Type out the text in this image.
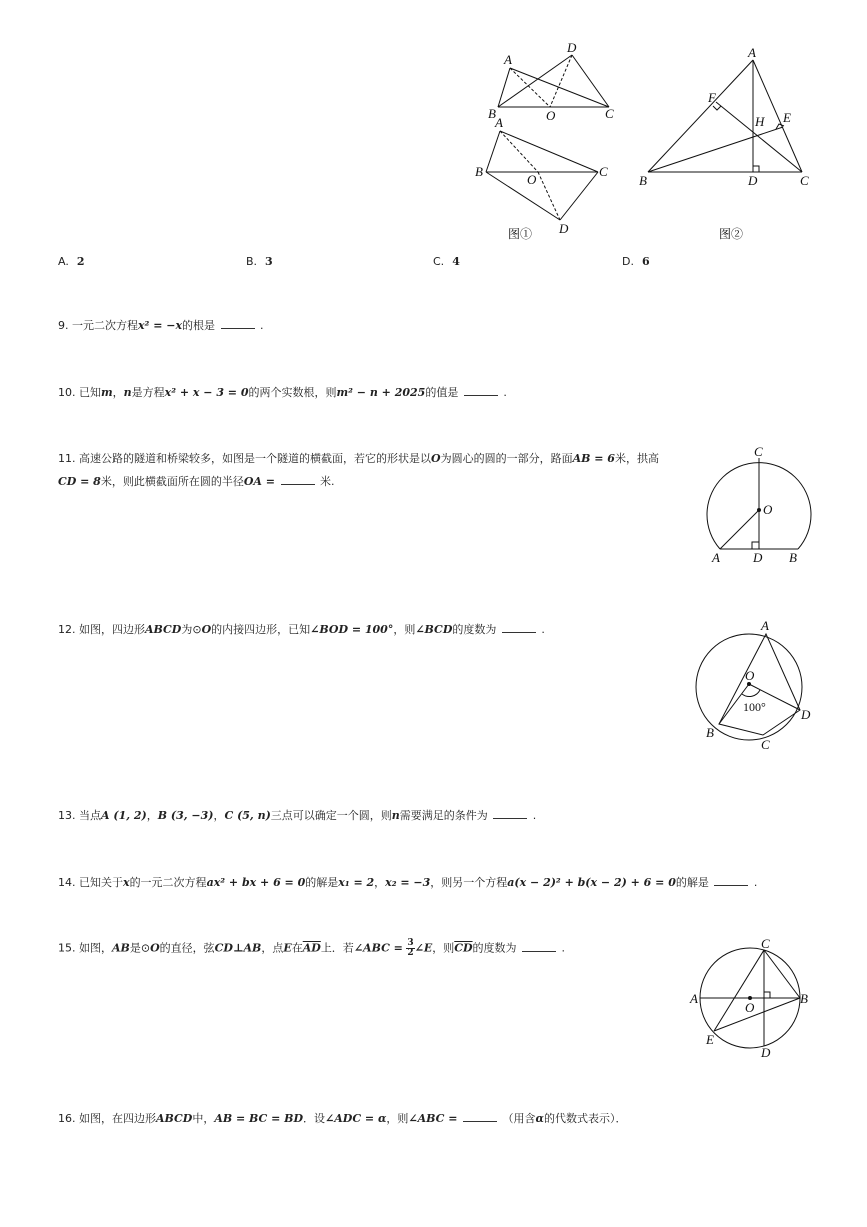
A
D
B	O	C
A
B
O
C
D
图①
A
F
H E
B	D	C
图②
A. 2	B. 3	C. 4	D. 6
9. 一元二次方程x² = −x的根是	.
10. 已知m，n是方程x² + x − 3 = 0的两个实数根，则m² − n + 2025的值是	.
11. 高速公路的隧道和桥梁较多，如图是一个隧道的横截面，若它的形状是以O为圆心的圆的一部分，路面AB = 6米，拱高
CD = 8米，则此横截面所在圆的半径OA =	米.
C
O
A	D B
12. 如图，四边形ABCD为⊙O的内接四边形，已知∠BOD = 100°，则∠BCD的度数为	.	A
O
100°	D
B
C
13. 当点A (1, 2)，B (3, −3)，C (5, n)三点可以确定一个圆，则n需要满足的条件为	.
14. 已知关于x的一元二次方程ax² + bx + 6 = 0的解是x₁ = 2，x₂ = −3，则另一个方程a(x − 2)² + b(x − 2) + 6 = 0的解是	.
15. 如图，AB是⊙O的直径，弦CD⊥AB，点E在$\overline{AD}$上．若∠ABC = $\frac{3}{2}$ ∠E，则$\overline{CD}$的度数为	.	C
A
O
B
E
D
16. 如图，在四边形ABCD中，AB = BC = BD．设∠ADC = α，则∠ABC =	（用含α的代数式表示）．
